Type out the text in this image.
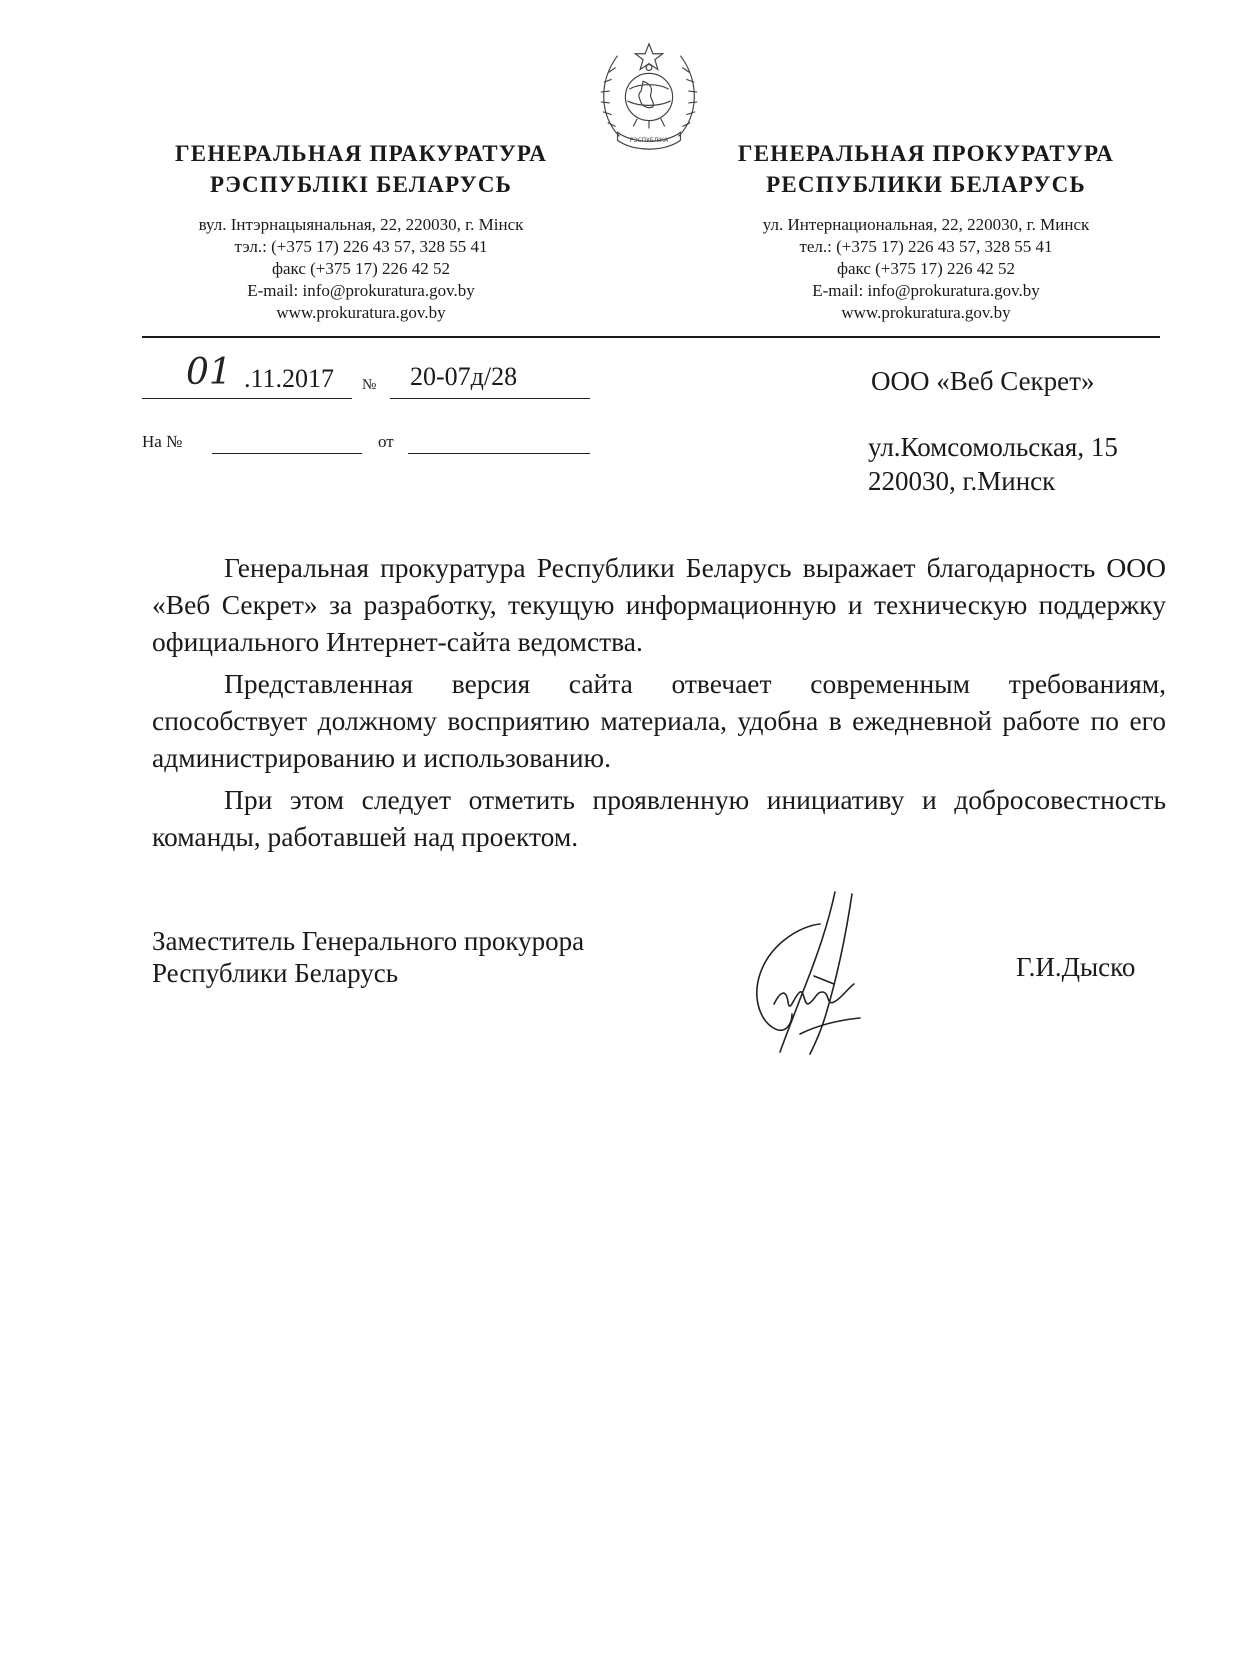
РЭСПУБЛІКА
ГЕНЕРАЛЬНАЯ ПРАКУРАТУРА
РЭСПУБЛІКІ БЕЛАРУСЬ
вул. Інтэрнацыянальная, 22, 220030, г. Мінск
тэл.: (+375 17) 226 43 57, 328 55 41
факс (+375 17) 226 42 52
E-mail: info@prokuratura.gov.by
www.prokuratura.gov.by
ГЕНЕРАЛЬНАЯ ПРОКУРАТУРА
РЕСПУБЛИКИ БЕЛАРУСЬ
ул. Интернациональная, 22, 220030, г. Минск
тел.: (+375 17) 226 43 57, 328 55 41
факс (+375 17) 226 42 52
E-mail: info@prokuratura.gov.by
www.prokuratura.gov.by
01 .11.2017 № 20-07д/28
На №	от
ООО «Веб Секрет»
ул.Комсомольская, 15
220030, г.Минск

Генеральная прокуратура Республики Беларусь выражает благодарность ООО «Веб Секрет» за разработку, текущую информационную и техническую поддержку официального Интернет-сайта ведомства.

Представленная версия сайта отвечает современным требованиям, способствует должному восприятию материала, удобна в ежедневной работе по его администрированию и использованию.

При этом следует отметить проявленную инициативу и добросовестность команды, работавшей над проектом.

Заместитель Генерального прокурора
Республики Беларусь	Г.И.Дыско
